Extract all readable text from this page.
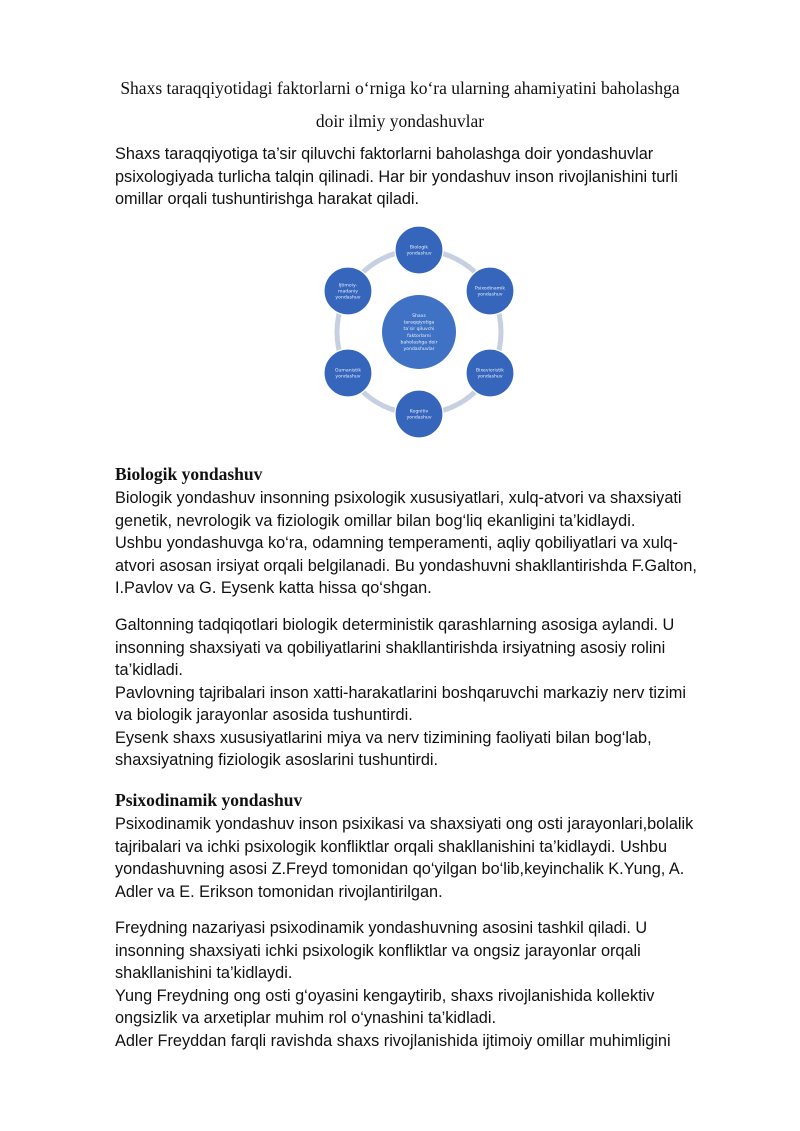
Shaxs taraqqiyotidagi faktorlarni o‘rniga ko‘ra ularning ahamiyatini baholashga
doir ilmiy yondashuvlar

Shaxs taraqqiyotiga ta’sir qiluvchi faktorlarni baholashga doir yondashuvlar
psixologiyada turlicha talqin qilinadi. Har bir yondashuv inson rivojlanishini turli
omillar orqali tushuntirishga harakat qiladi.

Shaxs
taraqqiyotiga
ta’sir qiluvchi
faktorlarni
baholashga doir
yondashuvlar
Biologik
yondashuv
Psixodinamik
yondashuv
Bixevioristik
yondashuv
Kognitiv
yondashuv
Gumanistik
yondashuv
Ijtimoiy-
madaniy
yondashuv
Biologik yondashuv

Biologik yondashuv insonning psixologik xususiyatlari, xulq-atvori va shaxsiyati
genetik, nevrologik va fiziologik omillar bilan bog‘liq ekanligini ta’kidlaydi.
Ushbu yondashuvga ko‘ra, odamning temperamenti, aqliy qobiliyatlari va xulq-
atvori asosan irsiyat orqali belgilanadi. Bu yondashuvni shakllantirishda F.Galton,
I.Pavlov va G. Eysenk katta hissa qo‘shgan.

Galtonning tadqiqotlari biologik deterministik qarashlarning asosiga aylandi. U
insonning shaxsiyati va qobiliyatlarini shakllantirishda irsiyatning asosiy rolini
ta’kidladi.
Pavlovning tajribalari inson xatti-harakatlarini boshqaruvchi markaziy nerv tizimi
va biologik jarayonlar asosida tushuntirdi.
Eysenk shaxs xususiyatlarini miya va nerv tizimining faoliyati bilan bog‘lab,
shaxsiyatning fiziologik asoslarini tushuntirdi.

Psixodinamik yondashuv

Psixodinamik yondashuv inson psixikasi va shaxsiyati ong osti jarayonlari,bolalik
tajribalari va ichki psixologik konfliktlar orqali shakllanishini ta’kidlaydi. Ushbu
yondashuvning asosi Z.Freyd tomonidan qo‘yilgan bo‘lib,keyinchalik K.Yung, A.
Adler va E. Erikson tomonidan rivojlantirilgan.

Freydning nazariyasi psixodinamik yondashuvning asosini tashkil qiladi. U
insonning shaxsiyati ichki psixologik konfliktlar va ongsiz jarayonlar orqali
shakllanishini ta’kidlaydi.
Yung Freydning ong osti g‘oyasini kengaytirib, shaxs rivojlanishida kollektiv
ongsizlik va arxetiplar muhim rol o‘ynashini ta’kidladi.
Adler Freyddan farqli ravishda shaxs rivojlanishida ijtimoiy omillar muhimligini
